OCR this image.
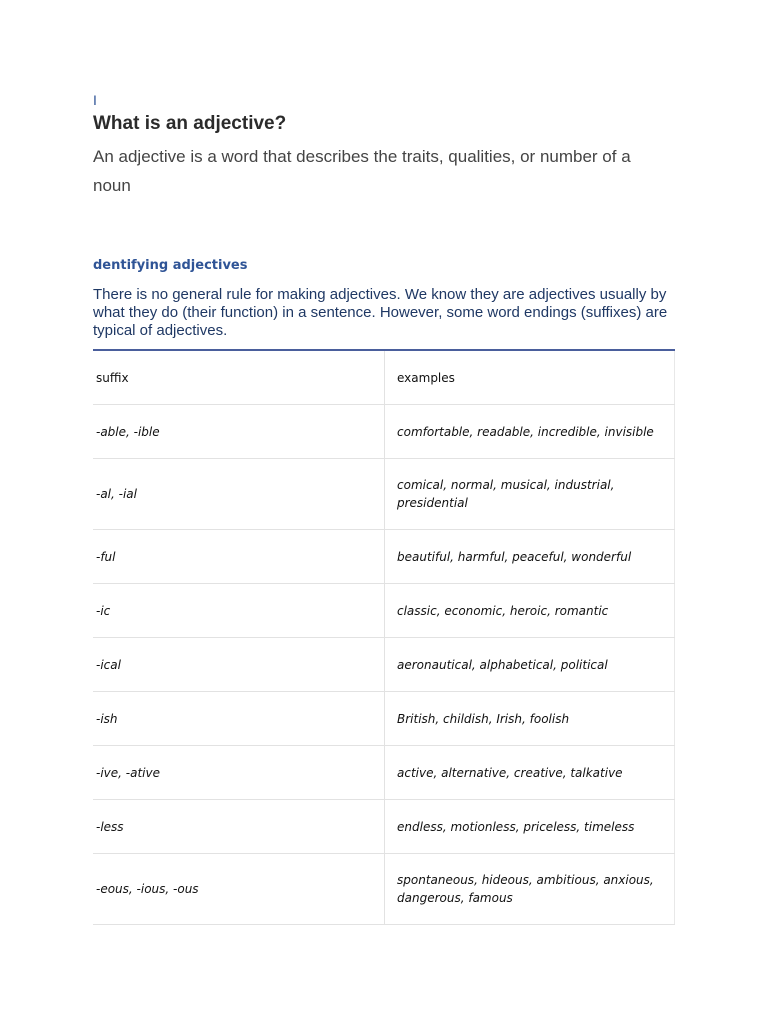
I
What is an adjective?

An adjective is a word that describes the traits, qualities, or number of a noun

dentifying adjectives

There is no general rule for making adjectives. We know they are adjectives usually by what they do (their function) in a sentence. However, some word endings (suffixes) are typical of adjectives.

suffix	examples
-able, -ible	comfortable, readable, incredible, invisible
-al, -ial	comical, normal, musical, industrial, presidential
-ful	beautiful, harmful, peaceful, wonderful
-ic	classic, economic, heroic, romantic
-ical	aeronautical, alphabetical, political
-ish	British, childish, Irish, foolish
-ive, -ative	active, alternative, creative, talkative
-less	endless, motionless, priceless, timeless
-eous, -ious, -ous	spontaneous, hideous, ambitious, anxious, dangerous, famous
